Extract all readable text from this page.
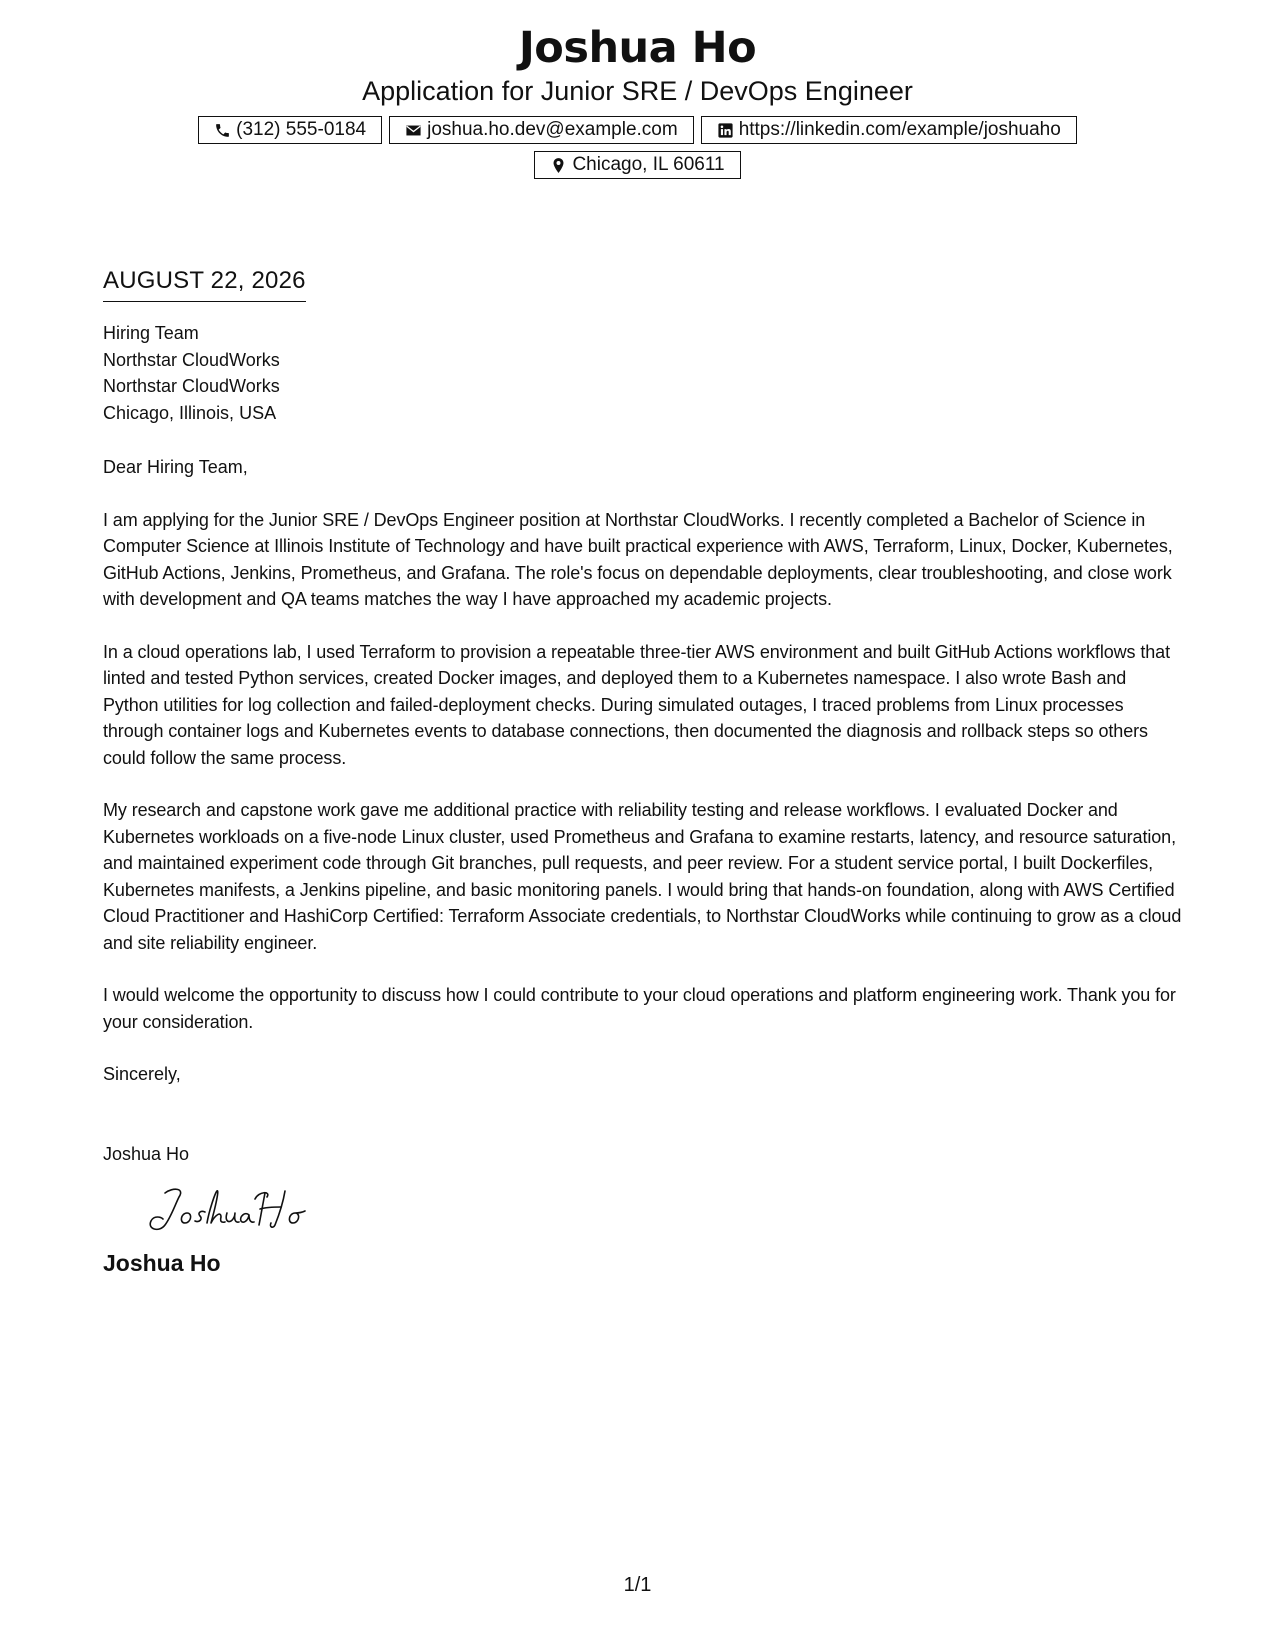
Joshua Ho
Application for Junior SRE / DevOps Engineer
(312) 555-0184	joshua.ho.dev@example.com	https://linkedin.com/example/joshuaho
Chicago, IL 60611
AUGUST 22, 2026
Hiring Team
Northstar CloudWorks
Northstar CloudWorks
Chicago, Illinois, USA
Dear Hiring Team,
I am applying for the Junior SRE / DevOps Engineer position at Northstar CloudWorks. I recently completed a Bachelor of Science in Computer Science at Illinois Institute of Technology and have built practical experience with AWS, Terraform, Linux, Docker, Kubernetes, GitHub Actions, Jenkins, Prometheus, and Grafana. The role's focus on dependable deployments, clear troubleshooting, and close work with development and QA teams matches the way I have approached my academic projects.
In a cloud operations lab, I used Terraform to provision a repeatable three-tier AWS environment and built GitHub Actions workflows that linted and tested Python services, created Docker images, and deployed them to a Kubernetes namespace. I also wrote Bash and Python utilities for log collection and failed-deployment checks. During simulated outages, I traced problems from Linux processes through container logs and Kubernetes events to database connections, then documented the diagnosis and rollback steps so others could follow the same process.
My research and capstone work gave me additional practice with reliability testing and release workflows. I evaluated Docker and Kubernetes workloads on a five-node Linux cluster, used Prometheus and Grafana to examine restarts, latency, and resource saturation, and maintained experiment code through Git branches, pull requests, and peer review. For a student service portal, I built Dockerfiles, Kubernetes manifests, a Jenkins pipeline, and basic monitoring panels. I would bring that hands-on foundation, along with AWS Certified Cloud Practitioner and HashiCorp Certified: Terraform Associate credentials, to Northstar CloudWorks while continuing to grow as a cloud and site reliability engineer.
I would welcome the opportunity to discuss how I could contribute to your cloud operations and platform engineering work. Thank you for your consideration.
Sincerely,
Joshua Ho
Joshua Ho
1/1
